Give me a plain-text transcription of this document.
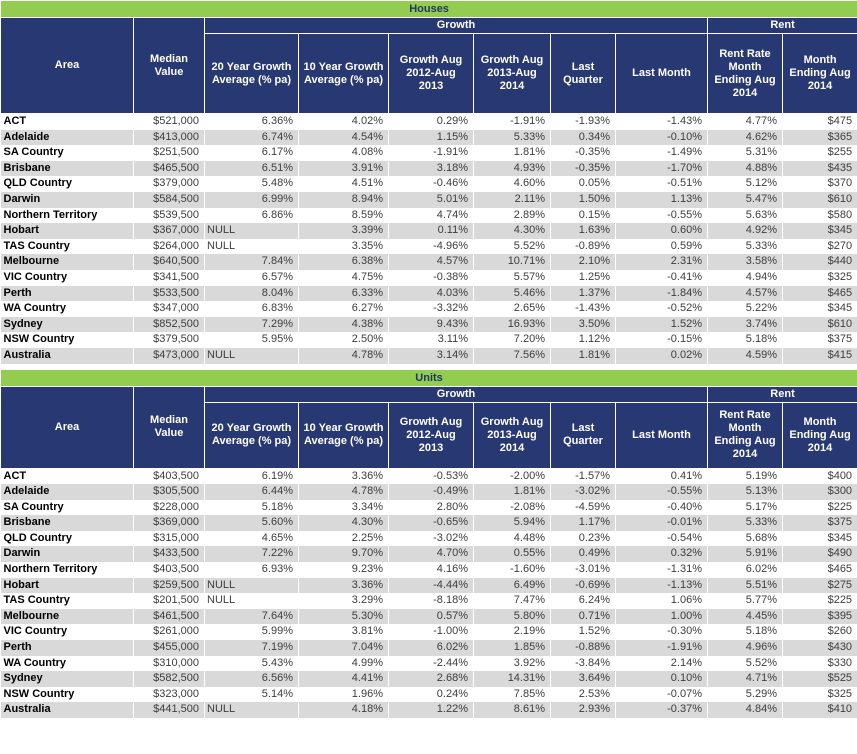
Houses									
Area	Median Value	Growth						Rent	
		20 Year Growth Average (% pa)	10 Year Growth Average (% pa)	Growth Aug 2012-Aug 2013	Growth Aug 2013-Aug 2014	Last Quarter	Last Month	Rent Rate Month Ending Aug 2014	Month Ending Aug 2014
ACT	$521,000	6.36%	4.02%	0.29%	-1.91%	-1.93%	-1.43%	4.77%	$475
Adelaide	$413,000	6.74%	4.54%	1.15%	5.33%	0.34%	-0.10%	4.62%	$365
SA Country	$251,500	6.17%	4.08%	-1.91%	1.81%	-0.35%	-1.49%	5.31%	$255
Brisbane	$465,500	6.51%	3.91%	3.18%	4.93%	-0.35%	-1.70%	4.88%	$435
QLD Country	$379,000	5.48%	4.51%	-0.46%	4.60%	0.05%	-0.51%	5.12%	$370
Darwin	$584,500	6.99%	8.94%	5.01%	2.11%	1.50%	1.13%	5.47%	$610
Northern Territory	$539,500	6.86%	8.59%	4.74%	2.89%	0.15%	-0.55%	5.63%	$580
Hobart	$367,000	NULL	3.39%	0.11%	4.30%	1.63%	0.60%	4.92%	$345
TAS Country	$264,000	NULL	3.35%	-4.96%	5.52%	-0.89%	0.59%	5.33%	$270
Melbourne	$640,500	7.84%	6.38%	4.57%	10.71%	2.10%	2.31%	3.58%	$440
VIC Country	$341,500	6.57%	4.75%	-0.38%	5.57%	1.25%	-0.41%	4.94%	$325
Perth	$533,500	8.04%	6.33%	4.03%	5.46%	1.37%	-1.84%	4.57%	$465
WA Country	$347,000	6.83%	6.27%	-3.32%	2.65%	-1.43%	-0.52%	5.22%	$345
Sydney	$852,500	7.29%	4.38%	9.43%	16.93%	3.50%	1.52%	3.74%	$610
NSW Country	$379,500	5.95%	2.50%	3.11%	7.20%	1.12%	-0.15%	5.18%	$375
Australia	$473,000	NULL	4.78%	3.14%	7.56%	1.81%	0.02%	4.59%	$415
Units									
Area	Median Value	Growth						Rent	
		20 Year Growth Average (% pa)	10 Year Growth Average (% pa)	Growth Aug 2012-Aug 2013	Growth Aug 2013-Aug 2014	Last Quarter	Last Month	Rent Rate Month Ending Aug 2014	Month Ending Aug 2014
ACT	$403,500	6.19%	3.36%	-0.53%	-2.00%	-1.57%	0.41%	5.19%	$400
Adelaide	$305,500	6.44%	4.78%	-0.49%	1.81%	-3.02%	-0.55%	5.13%	$300
SA Country	$228,000	5.18%	3.34%	2.80%	-2.08%	-4.59%	-0.40%	5.17%	$225
Brisbane	$369,000	5.60%	4.30%	-0.65%	5.94%	1.17%	-0.01%	5.33%	$375
QLD Country	$315,000	4.65%	2.25%	-3.02%	4.48%	0.23%	-0.54%	5.68%	$345
Darwin	$433,500	7.22%	9.70%	4.70%	0.55%	0.49%	0.32%	5.91%	$490
Northern Territory	$403,500	6.93%	9.23%	4.16%	-1.60%	-3.01%	-1.31%	6.02%	$465
Hobart	$259,500	NULL	3.36%	-4.44%	6.49%	-0.69%	-1.13%	5.51%	$275
TAS Country	$201,500	NULL	3.29%	-8.18%	7.47%	6.24%	1.06%	5.77%	$225
Melbourne	$461,500	7.64%	5.30%	0.57%	5.80%	0.71%	1.00%	4.45%	$395
VIC Country	$261,000	5.99%	3.81%	-1.00%	2.19%	1.52%	-0.30%	5.18%	$260
Perth	$455,000	7.19%	7.04%	6.02%	1.85%	-0.88%	-1.91%	4.96%	$430
WA Country	$310,000	5.43%	4.99%	-2.44%	3.92%	-3.84%	2.14%	5.52%	$330
Sydney	$582,500	6.56%	4.41%	2.68%	14.31%	3.64%	0.10%	4.71%	$525
NSW Country	$323,000	5.14%	1.96%	0.24%	7.85%	2.53%	-0.07%	5.29%	$325
Australia	$441,500	NULL	4.18%	1.22%	8.61%	2.93%	-0.37%	4.84%	$410
